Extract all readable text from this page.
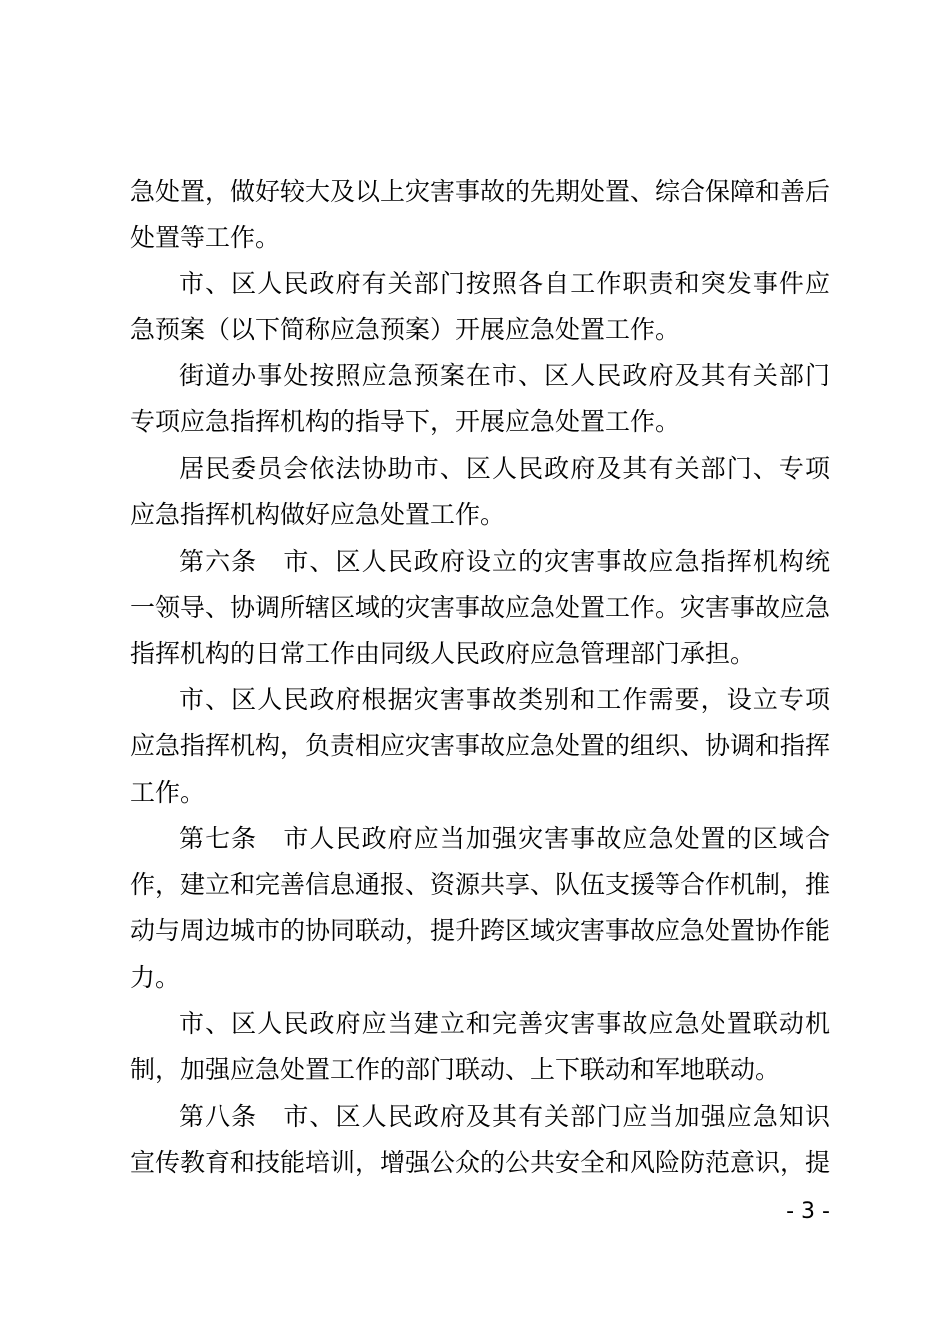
急处置，做好较大及以上灾害事故的先期处置、综合保障和善后
处置等工作。
市、区人民政府有关部门按照各自工作职责和突发事件应
急预案（以下简称应急预案）开展应急处置工作。
街道办事处按照应急预案在市、区人民政府及其有关部门
专项应急指挥机构的指导下，开展应急处置工作。
居民委员会依法协助市、区人民政府及其有关部门、专项
应急指挥机构做好应急处置工作。
第六条　市、区人民政府设立的灾害事故应急指挥机构统
一领导、协调所辖区域的灾害事故应急处置工作。灾害事故应急
指挥机构的日常工作由同级人民政府应急管理部门承担。
市、区人民政府根据灾害事故类别和工作需要，设立专项
应急指挥机构，负责相应灾害事故应急处置的组织、协调和指挥
工作。
第七条　市人民政府应当加强灾害事故应急处置的区域合
作，建立和完善信息通报、资源共享、队伍支援等合作机制，推
动与周边城市的协同联动，提升跨区域灾害事故应急处置协作能
力。
市、区人民政府应当建立和完善灾害事故应急处置联动机
制，加强应急处置工作的部门联动、上下联动和军地联动。
第八条　市、区人民政府及其有关部门应当加强应急知识
宣传教育和技能培训，增强公众的公共安全和风险防范意识，提
- 3 -
